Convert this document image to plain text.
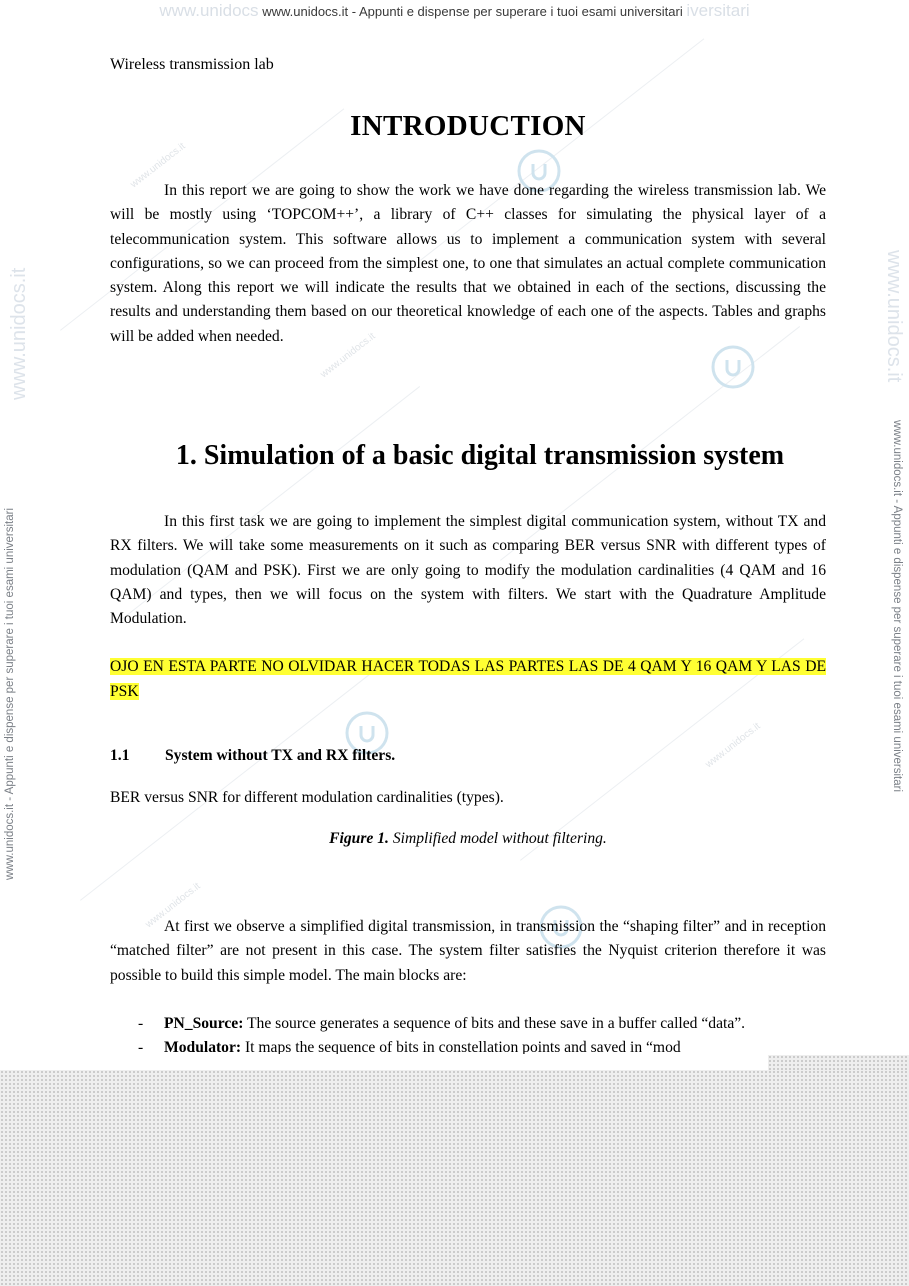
www.unidocs www.unidocs.it - Appunti e dispense per superare i tuoi esami universitari iversitari
www.unidocs.it
www.unidocs.it - Appunti e dispense per superare i tuoi esami universitari
www.unidocs.it
www.unidocs.it - Appunti e dispense per superare i tuoi esami universitari
www.unidocs.it
www.unidocs.it
www.unidocs.it
www.unidocs.it
Wireless transmission lab
INTRODUCTION

In this report we are going to show the work we have done regarding the wireless transmission lab. We will be mostly using ‘TOPCOM++’, a library of C++ classes for simulating the physical layer of a telecommunication system. This software allows us to implement a communication system with several configurations, so we can proceed from the simplest one, to one that simulates an actual complete communication system. Along this report we will indicate the results that we obtained in each of the sections, discussing the results and understanding them based on our theoretical knowledge of each one of the aspects. Tables and graphs will be added when needed.

1. Simulation of a basic digital transmission system

In this first task we are going to implement the simplest digital communication system, without TX and RX filters. We will take some measurements on it such as comparing BER versus SNR with different types of modulation (QAM and PSK). First we are only going to modify the modulation cardinalities (4 QAM and 16 QAM) and types, then we will focus on the system with filters. We start with the Quadrature Amplitude Modulation.

OJO EN ESTA PARTE NO OLVIDAR HACER TODAS LAS PARTES LAS DE 4 QAM Y 16 QAM Y LAS DE PSK
1.1 System without TX and RX filters.
BER versus SNR for different modulation cardinalities (types).
Figure 1. Simplified model without filtering.

At first we observe a simplified digital transmission, in transmission the “shaping filter” and in reception “matched filter” are not present in this case. The system filter satisfies the Nyquist criterion therefore it was possible to build this simple model. The main blocks are:

- PN_Source: The source generates a sequence of bits and these save in a buffer called “data”.
- Modulator: It maps the sequence of bits in constellation points and saved in “mod
